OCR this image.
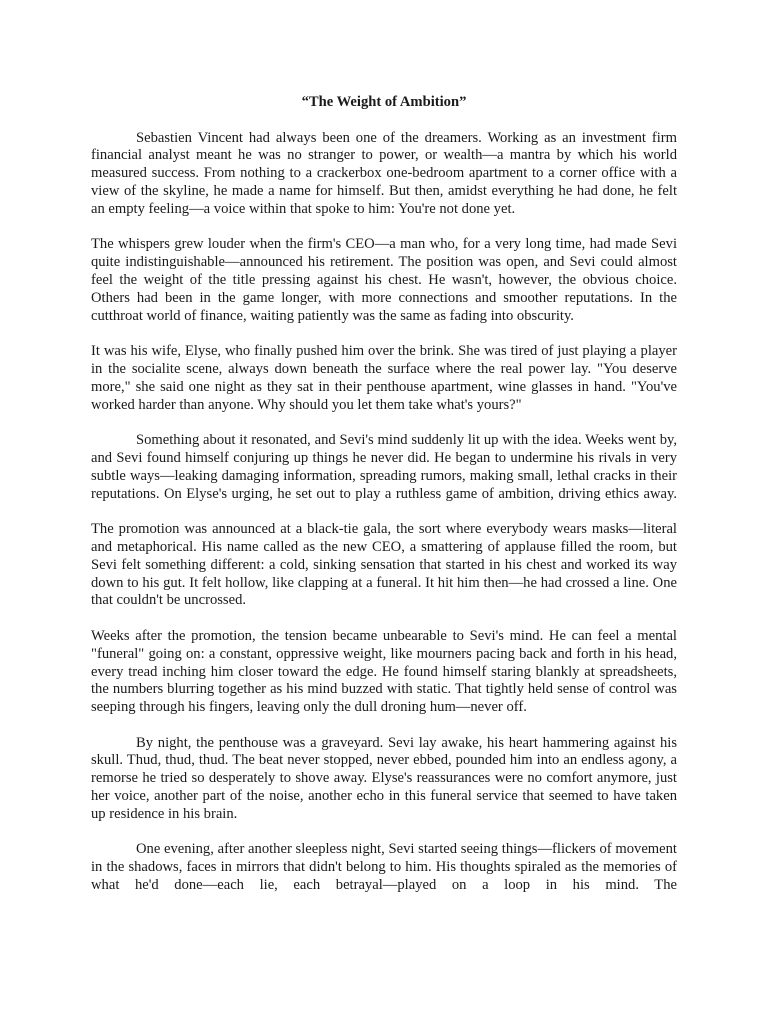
“The Weight of Ambition”

Sebastien Vincent had always been one of the dreamers. Working as an investment firm financial analyst meant he was no stranger to power, or wealth—a mantra by which his world measured success. From nothing to a crackerbox one-bedroom apartment to a corner office with a view of the skyline, he made a name for himself. But then, amidst everything he had done, he felt an empty feeling—a voice within that spoke to him: You're not done yet.

The whispers grew louder when the firm's CEO—a man who, for a very long time, had made Sevi quite indistinguishable—announced his retirement. The position was open, and Sevi could almost feel the weight of the title pressing against his chest. He wasn't, however, the obvious choice. Others had been in the game longer, with more connections and smoother reputations. In the cutthroat world of finance, waiting patiently was the same as fading into obscurity.

It was his wife, Elyse, who finally pushed him over the brink. She was tired of just playing a player in the socialite scene, always down beneath the surface where the real power lay. "You deserve more," she said one night as they sat in their penthouse apartment, wine glasses in hand. "You've worked harder than anyone. Why should you let them take what's yours?"

Something about it resonated, and Sevi's mind suddenly lit up with the idea. Weeks went by, and Sevi found himself conjuring up things he never did. He began to undermine his rivals in very subtle ways—leaking damaging information, spreading rumors, making small, lethal cracks in their reputations. On Elyse's urging, he set out to play a ruthless game of ambition, driving ethics away.

The promotion was announced at a black-tie gala, the sort where everybody wears masks—literal and metaphorical. His name called as the new CEO, a smattering of applause filled the room, but Sevi felt something different: a cold, sinking sensation that started in his chest and worked its way down to his gut. It felt hollow, like clapping at a funeral. It hit him then—he had crossed a line. One that couldn't be uncrossed.

Weeks after the promotion, the tension became unbearable to Sevi's mind. He can feel a mental "funeral" going on: a constant, oppressive weight, like mourners pacing back and forth in his head, every tread inching him closer toward the edge. He found himself staring blankly at spreadsheets, the numbers blurring together as his mind buzzed with static. That tightly held sense of control was seeping through his fingers, leaving only the dull droning hum—never off.

By night, the penthouse was a graveyard. Sevi lay awake, his heart hammering against his skull. Thud, thud, thud. The beat never stopped, never ebbed, pounded him into an endless agony, a remorse he tried so desperately to shove away. Elyse's reassurances were no comfort anymore, just her voice, another part of the noise, another echo in this funeral service that seemed to have taken up residence in his brain.

One evening, after another sleepless night, Sevi started seeing things—flickers of movement in the shadows, faces in mirrors that didn't belong to him. His thoughts spiraled as the memories of what he'd done—each lie, each betrayal—played on a loop in his mind. The
